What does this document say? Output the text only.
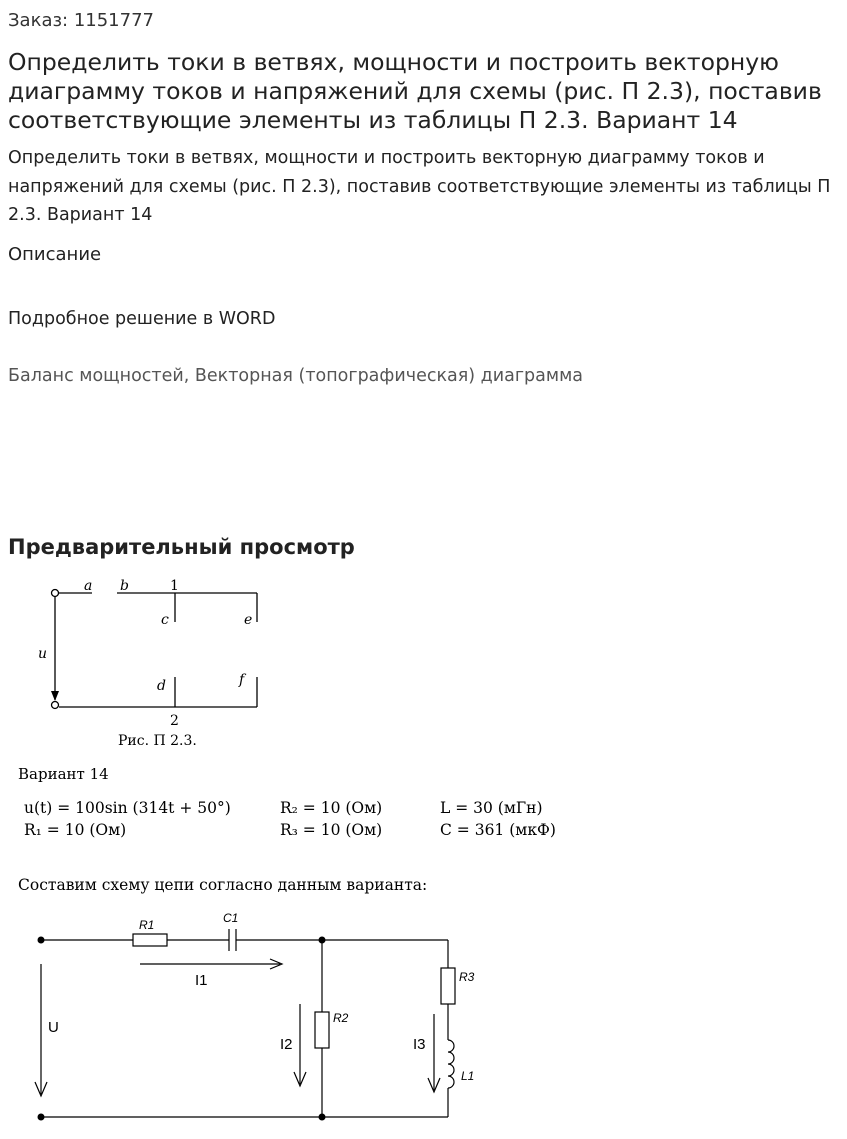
Заказ: 1151777
Определить токи в ветвях, мощности и построить векторную диаграмму токов и напряжений для схемы (рис. П 2.3), поставив соответствующие элементы из таблицы П 2.3. Вариант 14
Определить токи в ветвях, мощности и построить векторную диаграмму токов и напряжений для схемы (рис. П 2.3), поставив соответствующие элементы из таблицы П 2.3. Вариант 14
Описание
Подробное решение в WORD
Баланс мощностей, Векторная (топографическая) диаграмма
Предварительный просмотр
a b	1
c	e
u
d	f
2
Рис. П 2.3.
Вариант 14
u(t) = 100sin (314t + 50°)	R₂ = 10 (Ом)	L = 30 (мГн)
R₁ = 10 (Ом)	R₃ = 10 (Ом)	C = 361 (мкФ)
Составим схему цепи согласно данным варианта:
R1	C1
I1
U
I2
R2
I3
R3
L1
